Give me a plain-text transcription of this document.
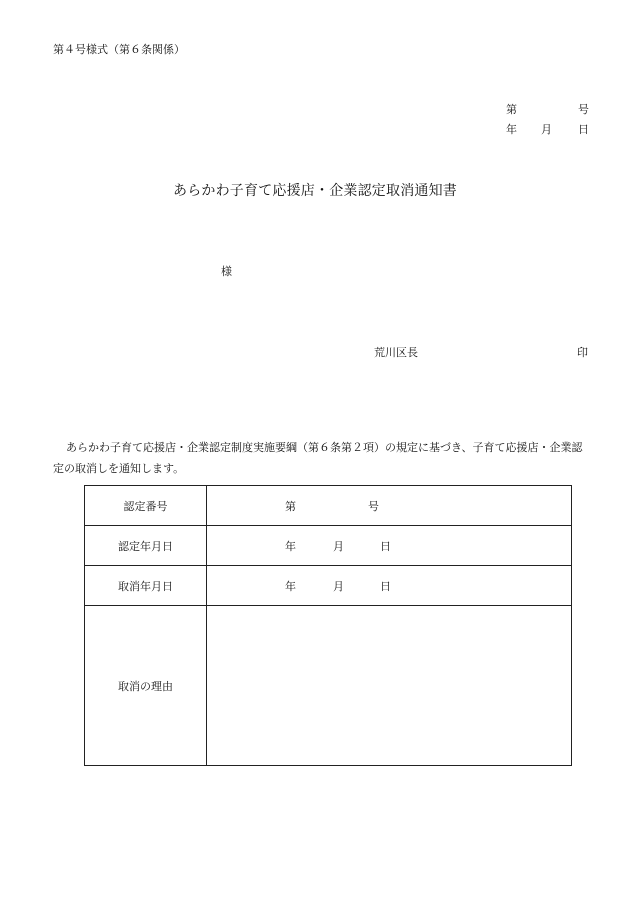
第４号様式（第６条関係）
第	号
年 月 日
あらかわ子育て応援店・企業認定取消通知書
様
荒川区長	印

あらかわ子育て応援店・企業認定制度実施要綱（第６条第２項）の規定に基づき、子育て応援店・企業認定の取消しを通知します。

認定番号	第 号

認定年月日	年 月 日

取消年月日	年 月 日

取消の理由	
